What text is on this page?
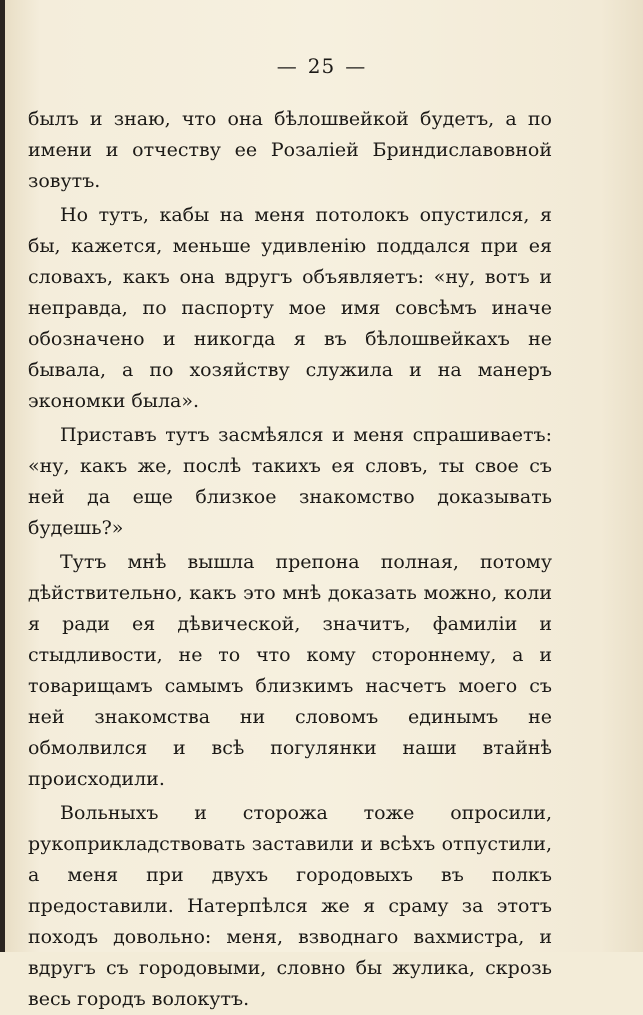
— 25 —

былъ и знаю, что она бѣлошвейкой будетъ, а по имени и отчеству ее Розаліей Бриндиславовной зовутъ.

Но тутъ, кабы на меня потолокъ опустился, я бы, кажется, меньше удивленію поддался при ея словахъ, какъ она вдругъ объявляетъ: «ну, вотъ и неправда, по паспорту мое имя совсѣмъ иначе обозначено и никогда я въ бѣлошвейкахъ не бывала, а по хозяйству служила и на манеръ экономки была».

Приставъ тутъ засмѣялся и меня спрашиваетъ: «ну, какъ же, послѣ такихъ ея словъ, ты свое съ ней да еще близкое знакомство доказывать будешь?»

Тутъ мнѣ вышла препона полная, потому дѣйствительно, какъ это мнѣ доказать можно, коли я ради ея дѣвической, значитъ, фамиліи и стыдливости, не то что кому стороннему, а и товарищамъ самымъ близкимъ насчетъ моего съ ней знакомства ни словомъ единымъ не обмолвился и всѣ погулянки наши втайнѣ происходили.

Вольныхъ и сторожа тоже опросили, рукоприкладствовать заставили и всѣхъ отпустили, а меня при двухъ городовыхъ въ полкъ предоставили. Натерпѣлся же я сраму за этотъ походъ довольно: меня, взводнаго вахмистра, и вдругъ съ городовыми, словно бы жулика, скрозь весь городъ волокутъ.
